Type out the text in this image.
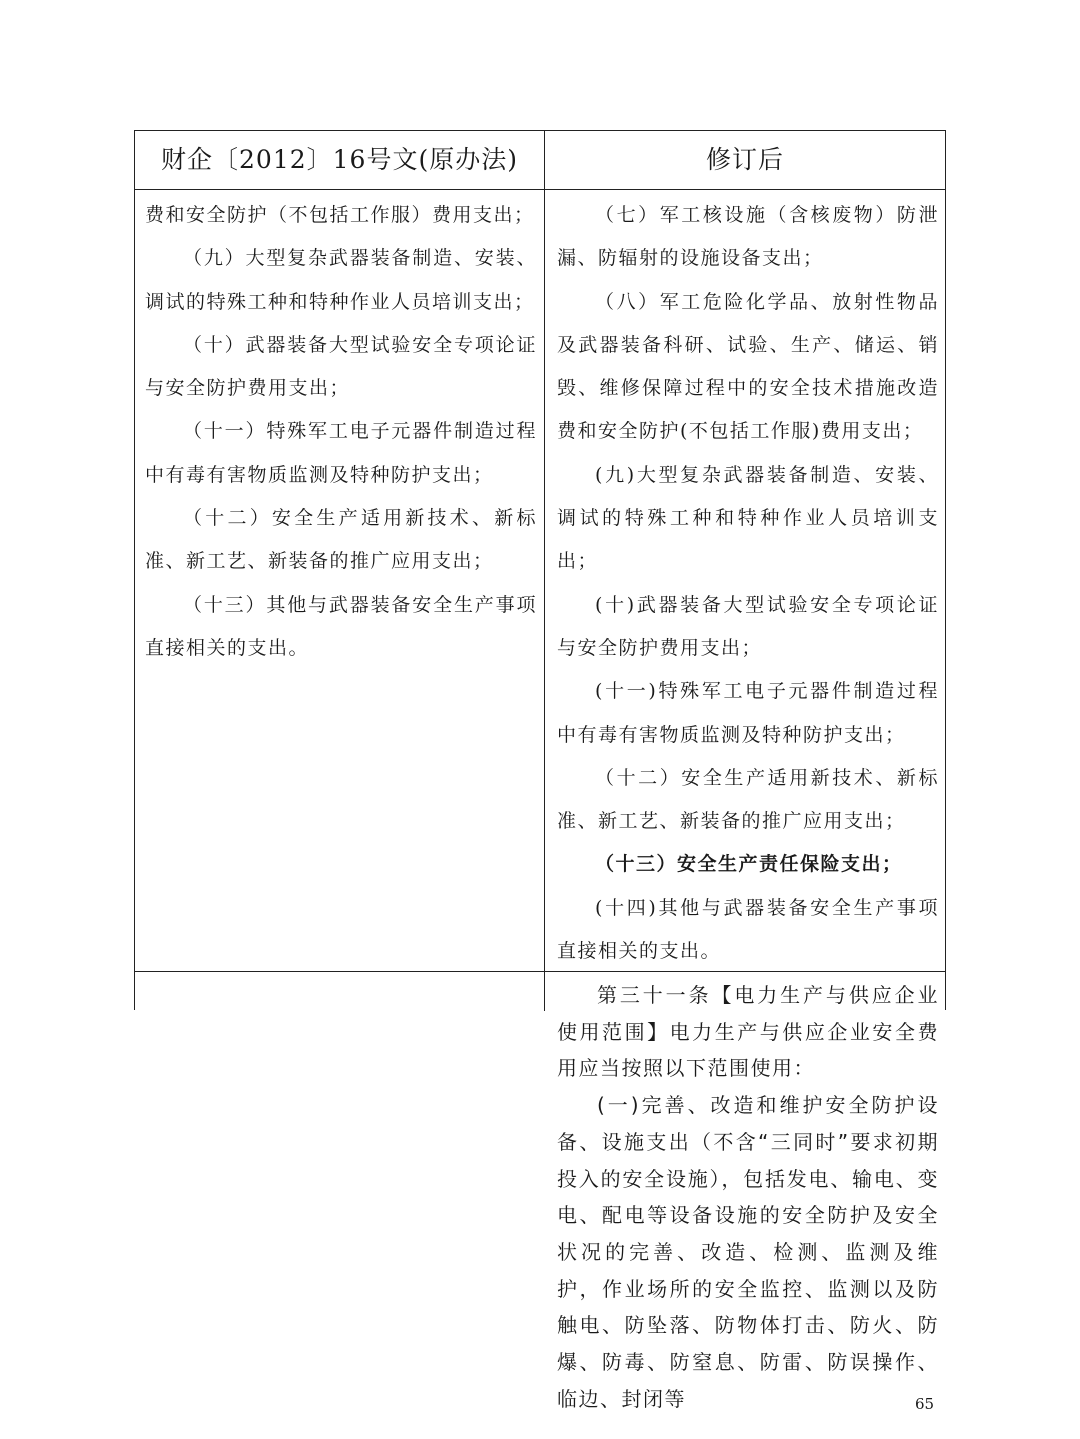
财企〔2012〕16号文(原办法)	修订后

费和安全防护（不包括工作服）费用支出；

（九）大型复杂武器装备制造、安装、调试的特殊工种和特种作业人员培训支出；

（十）武器装备大型试验安全专项论证与安全防护费用支出；

（十一）特殊军工电子元器件制造过程中有毒有害物质监测及特种防护支出；

（十二）安全生产适用新技术、新标准、新工艺、新装备的推广应用支出；

（十三）其他与武器装备安全生产事项直接相关的支出。

（七）军工核设施（含核废物）防泄漏、防辐射的设施设备支出；

（八）军工危险化学品、放射性物品及武器装备科研、试验、生产、储运、销毁、维修保障过程中的安全技术措施改造费和安全防护(不包括工作服)费用支出；

(九)大型复杂武器装备制造、安装、调试的特殊工种和特种作业人员培训支出；

(十)武器装备大型试验安全专项论证与安全防护费用支出；

(十一)特殊军工电子元器件制造过程中有毒有害物质监测及特种防护支出；

（十二）安全生产适用新技术、新标准、新工艺、新装备的推广应用支出；

（十三）安全生产责任保险支出；

(十四)其他与武器装备安全生产事项直接相关的支出。

第三十一条【电力生产与供应企业使用范围】电力生产与供应企业安全费用应当按照以下范围使用：

(一)完善、改造和维护安全防护设备、设施支出（不含“三同时”要求初期投入的安全设施），包括发电、输电、变电、配电等设备设施的安全防护及安全状况的完善、改造、检测、监测及维护，作业场所的安全监控、监测以及防触电、防坠落、防物体打击、防火、防爆、防毒、防窒息、防雷、防误操作、临边、封闭等	65
